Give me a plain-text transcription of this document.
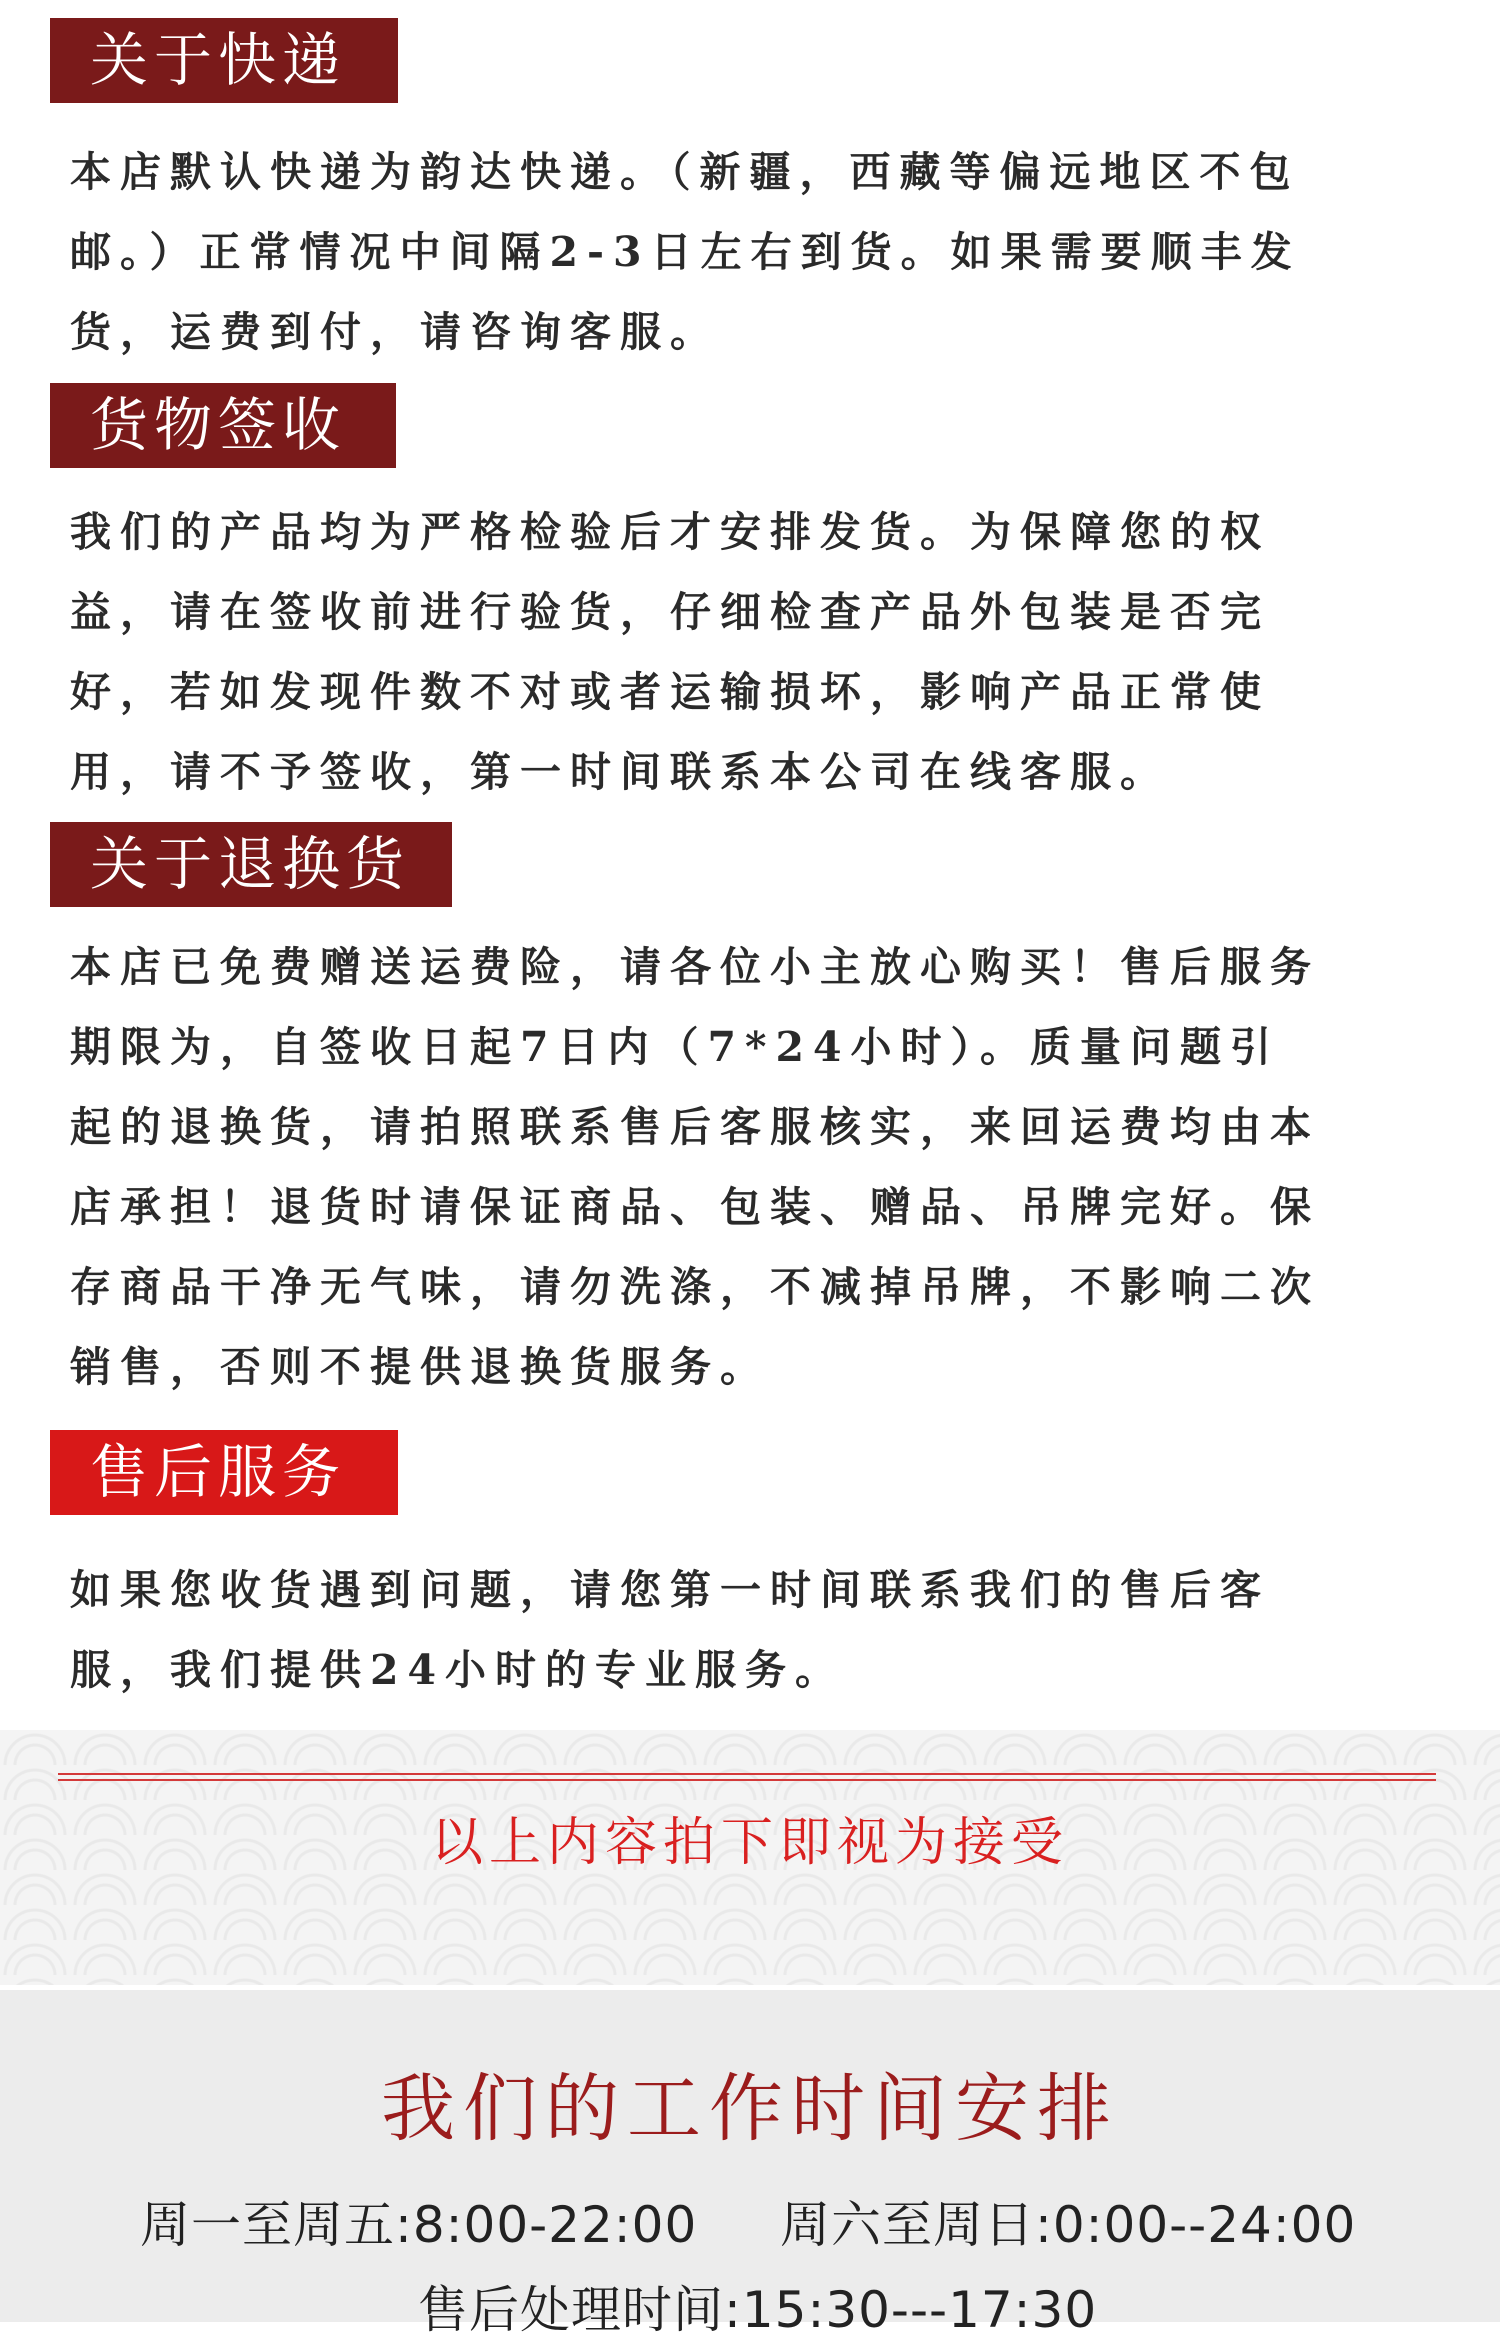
关于快递

本店默认快递为韵达快递。（新疆，西藏等偏远地区不包邮。）正常情况中间隔2-3日左右到货。如果需要顺丰发货，运费到付，请咨询客服。

货物签收

我们的产品均为严格检验后才安排发货。为保障您的权益，请在签收前进行验货，仔细检查产品外包装是否完好，若如发现件数不对或者运输损坏，影响产品正常使用，请不予签收，第一时间联系本公司在线客服。

关于退换货

本店已免费赠送运费险，请各位小主放心购买！售后服务期限为，自签收日起7日内（7*24小时）。质量问题引起的退换货，请拍照联系售后客服核实，来回运费均由本店承担！退货时请保证商品、包装、赠品、吊牌完好。保存商品干净无气味，请勿洗涤，不减掉吊牌，不影响二次销售，否则不提供退换货服务。

售后服务

如果您收货遇到问题，请您第一时间联系我们的售后客服，我们提供24小时的专业服务。

以上内容拍下即视为接受
我们的工作时间安排
周一至周五:8:00-22:00 周六至周日:0:00--24:00
售后处理时间:15:30---17:30
